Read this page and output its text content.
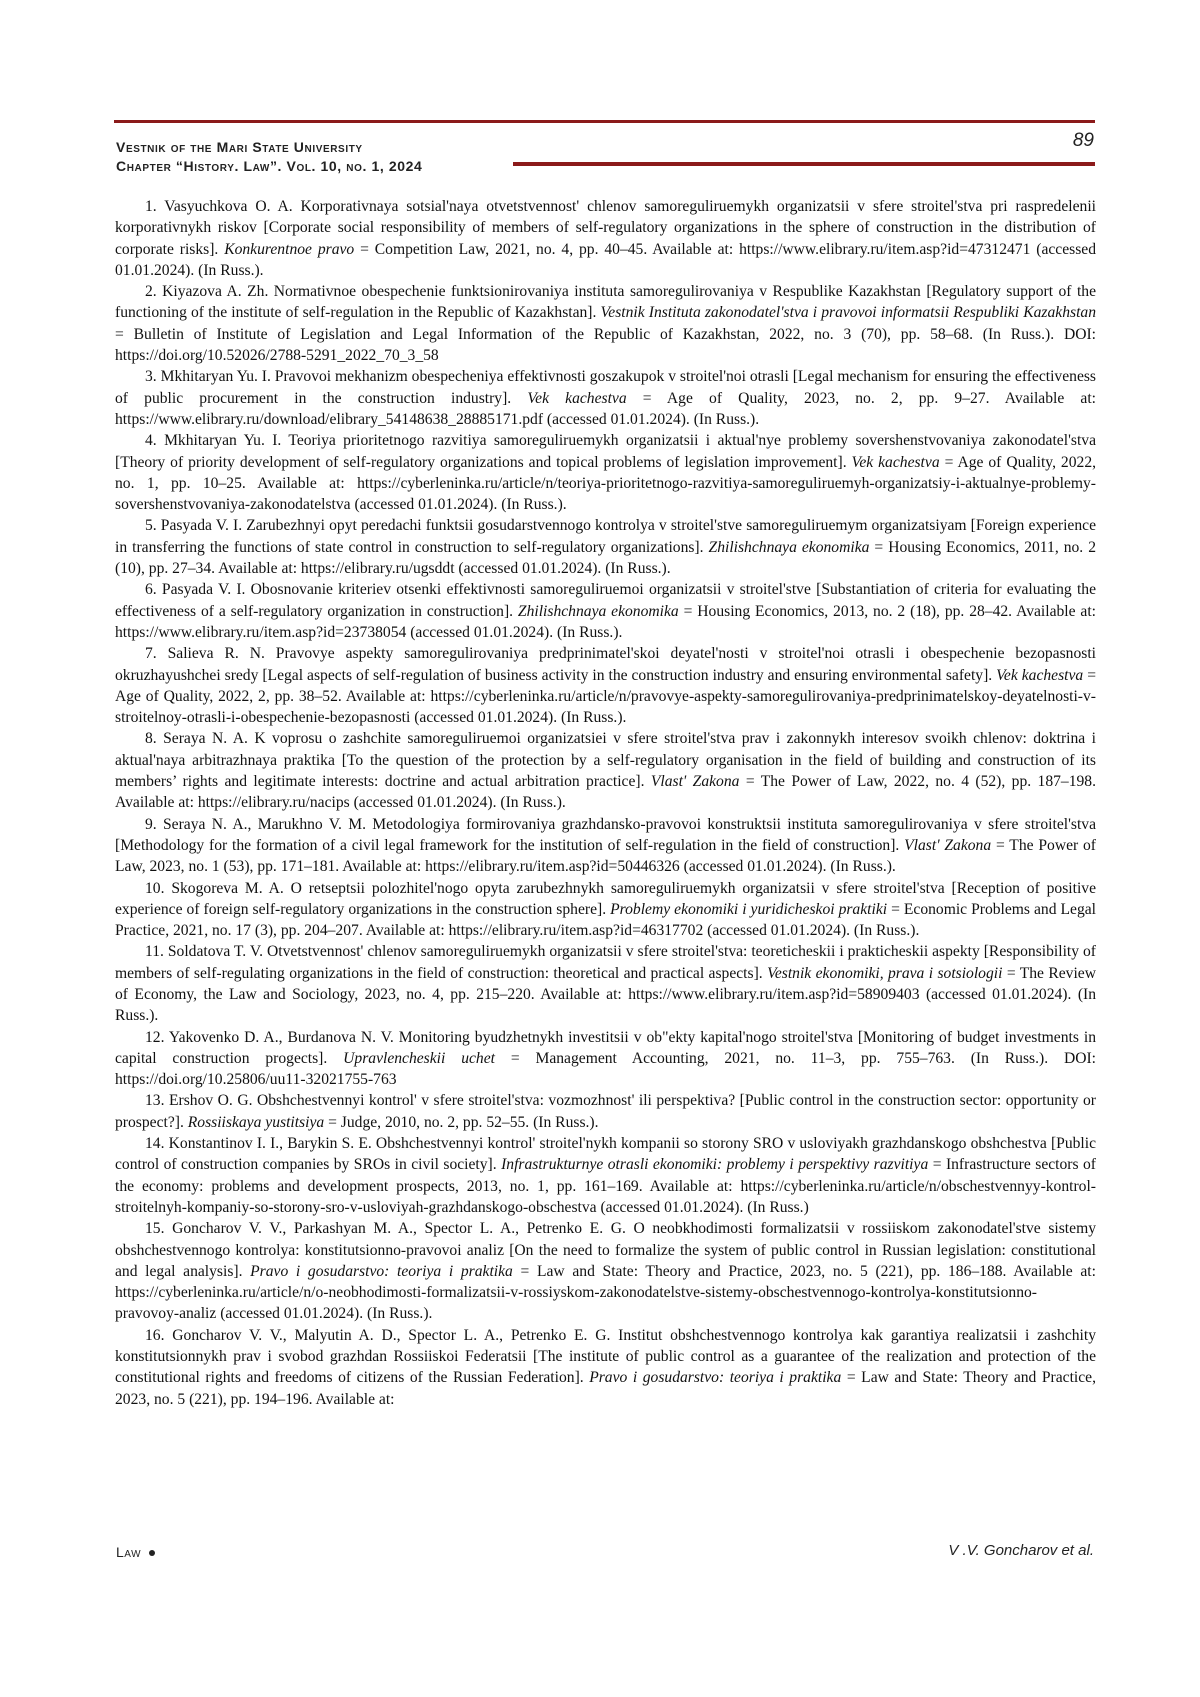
Vestnik of the Mari State University
Chapter “History. Law”. Vol. 10, no. 1, 2024
89

1. Vasyuchkova O. A. Korporativnaya sotsial'naya otvetstvennost' chlenov samoreguliruemykh organizatsii v sfere stroitel'stva pri raspredelenii korporativnykh riskov [Corporate social responsibility of members of self-regulatory organizations in the sphere of construction in the distribution of corporate risks]. Konkurentnoe pravo = Competition Law, 2021, no. 4, pp. 40–45. Available at: https://www.elibrary.ru/item.asp?id=47312471 (accessed 01.01.2024). (In Russ.).

2. Kiyazova A. Zh. Normativnoe obespechenie funktsionirovaniya instituta samoregulirovaniya v Respublike Kazakhstan [Regulatory support of the functioning of the institute of self-regulation in the Republic of Kazakhstan]. Vestnik Instituta zakonodatel'stva i pravovoi informatsii Respubliki Kazakhstan = Bulletin of Institute of Legislation and Legal Information of the Republic of Kazakhstan, 2022, no. 3 (70), pp. 58–68. (In Russ.). DOI: https://doi.org/10.52026/2788-5291_2022_70_3_58

3. Mkhitaryan Yu. I. Pravovoi mekhanizm obespecheniya effektivnosti goszakupok v stroitel'noi otrasli [Legal mechanism for ensuring the effectiveness of public procurement in the construction industry]. Vek kachestva = Age of Quality, 2023, no. 2, pp. 9–27. Available at: https://www.elibrary.ru/download/elibrary_54148638_28885171.pdf (accessed 01.01.2024). (In Russ.).

4. Mkhitaryan Yu. I. Teoriya prioritetnogo razvitiya samoreguliruemykh organizatsii i aktual'nye problemy sovershenstvovaniya zakonodatel'stva [Theory of priority development of self-regulatory organizations and topical problems of legislation improvement]. Vek kachestva = Age of Quality, 2022, no. 1, pp. 10–25. Available at: https://cyberleninka.ru/article/n/teoriya-prioritetnogo-razvitiya-samoreguliruemyh-organizatsiy-i-aktualnye-problemy-sovershenstvovaniya-zakonodatelstva (accessed 01.01.2024). (In Russ.).

5. Pasyada V. I. Zarubezhnyi opyt peredachi funktsii gosudarstvennogo kontrolya v stroitel'stve samoreguliruemym organizatsiyam [Foreign experience in transferring the functions of state control in construction to self-regulatory organizations]. Zhilishchnaya ekonomika = Housing Economics, 2011, no. 2 (10), pp. 27–34. Available at: https://elibrary.ru/ugsddt (accessed 01.01.2024). (In Russ.).

6. Pasyada V. I. Obosnovanie kriteriev otsenki effektivnosti samoreguliruemoi organizatsii v stroitel'stve [Substantiation of criteria for evaluating the effectiveness of a self-regulatory organization in construction]. Zhilishchnaya ekonomika = Housing Economics, 2013, no. 2 (18), pp. 28–42. Available at: https://www.elibrary.ru/item.asp?id=23738054 (accessed 01.01.2024). (In Russ.).

7. Salieva R. N. Pravovye aspekty samoregulirovaniya predprinimatel'skoi deyatel'nosti v stroitel'noi otrasli i obespechenie bezopasnosti okruzhayushchei sredy [Legal aspects of self-regulation of business activity in the construction industry and ensuring environmental safety]. Vek kachestva = Age of Quality, 2022, 2, pp. 38–52. Available at: https://cyberleninka.ru/article/n/pravovye-aspekty-samoregulirovaniya-predprinimatelskoy-deyatelnosti-v-stroitelnoy-otrasli-i-obespechenie-bezopasnosti (accessed 01.01.2024). (In Russ.).

8. Seraya N. A. K voprosu o zashchite samoreguliruemoi organizatsiei v sfere stroitel'stva prav i zakonnykh interesov svoikh chlenov: doktrina i aktual'naya arbitrazhnaya praktika [To the question of the protection by a self-regulatory organisation in the field of building and construction of its members’ rights and legitimate interests: doctrine and actual arbitration practice]. Vlast' Zakona = The Power of Law, 2022, no. 4 (52), pp. 187–198. Available at: https://elibrary.ru/nacips (accessed 01.01.2024). (In Russ.).

9. Seraya N. A., Marukhno V. M. Metodologiya formirovaniya grazhdansko-pravovoi konstruktsii instituta samoregulirovaniya v sfere stroitel'stva [Methodology for the formation of a civil legal framework for the institution of self-regulation in the field of construction]. Vlast' Zakona = The Power of Law, 2023, no. 1 (53), pp. 171–181. Available at: https://elibrary.ru/item.asp?id=50446326 (accessed 01.01.2024). (In Russ.).

10. Skogoreva M. A. O retseptsii polozhitel'nogo opyta zarubezhnykh samoreguliruemykh organizatsii v sfere stroitel'stva [Reception of positive experience of foreign self-regulatory organizations in the construction sphere]. Problemy ekonomiki i yuridicheskoi praktiki = Economic Problems and Legal Practice, 2021, no. 17 (3), pp. 204–207. Available at: https://elibrary.ru/item.asp?id=46317702 (accessed 01.01.2024). (In Russ.).

11. Soldatova T. V. Otvetstvennost' chlenov samoreguliruemykh organizatsii v sfere stroitel'stva: teoreticheskii i prakticheskii aspekty [Responsibility of members of self-regulating organizations in the field of construction: theoretical and practical aspects]. Vestnik ekonomiki, prava i sotsiologii = The Review of Economy, the Law and Sociology, 2023, no. 4, pp. 215–220. Available at: https://www.elibrary.ru/item.asp?id=58909403 (accessed 01.01.2024). (In Russ.).

12. Yakovenko D. A., Burdanova N. V. Monitoring byudzhetnykh investitsii v ob"ekty kapital'nogo stroitel'stva [Monitoring of budget investments in capital construction progects]. Upravlencheskii uchet = Management Accounting, 2021, no. 11–3, pp. 755–763. (In Russ.). DOI: https://doi.org/10.25806/uu11-32021755-763

13. Ershov O. G. Obshchestvennyi kontrol' v sfere stroitel'stva: vozmozhnost' ili perspektiva? [Public control in the construction sector: opportunity or prospect?]. Rossiiskaya yustitsiya = Judge, 2010, no. 2, pp. 52–55. (In Russ.).

14. Konstantinov I. I., Barykin S. E. Obshchestvennyi kontrol' stroitel'nykh kompanii so storony SRO v usloviyakh grazhdanskogo obshchestva [Public control of construction companies by SROs in civil society]. Infrastrukturnye otrasli ekonomiki: problemy i perspektivy razvitiya = Infrastructure sectors of the economy: problems and development prospects, 2013, no. 1, pp. 161–169. Available at: https://cyberleninka.ru/article/n/obschestvennyy-kontrol-stroitelnyh-kompaniy-so-storony-sro-v-usloviyah-grazhdanskogo-obschestva (accessed 01.01.2024). (In Russ.)

15. Goncharov V. V., Parkashyan M. A., Spector L. A., Petrenko E. G. O neobkhodimosti formalizatsii v rossiiskom zakonodatel'stve sistemy obshchestvennogo kontrolya: konstitutsionno-pravovoi analiz [On the need to formalize the system of public control in Russian legislation: constitutional and legal analysis]. Pravo i gosudarstvo: teoriya i praktika = Law and State: Theory and Practice, 2023, no. 5 (221), pp. 186–188. Available at: https://cyberleninka.ru/article/n/o-neobhodimosti-formalizatsii-v-rossiyskom-zakonodatelstve-sistemy-obschestvennogo-kontrolya-konstitutsionno-pravovoy-analiz (accessed 01.01.2024). (In Russ.).

16. Goncharov V. V., Malyutin A. D., Spector L. A., Petrenko E. G. Institut obshchestvennogo kontrolya kak garantiya realizatsii i zashchity konstitutsionnykh prav i svobod grazhdan Rossiiskoi Federatsii [The institute of public control as a guarantee of the realization and protection of the constitutional rights and freedoms of citizens of the Russian Federation]. Pravo i gosudarstvo: teoriya i praktika = Law and State: Theory and Practice, 2023, no. 5 (221), pp. 194–196. Available at:

Law	V .V. Goncharov et al.
